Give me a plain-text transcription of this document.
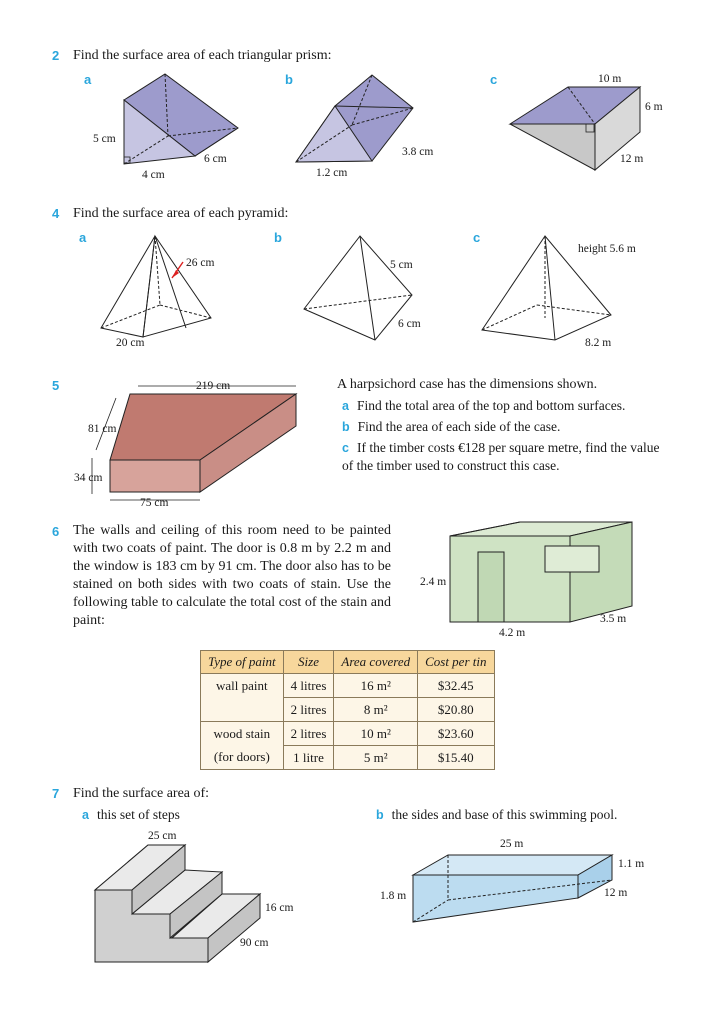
2 Find the surface area of each triangular prism:
a	b	c
5 cm
6 cm
4 cm
3.8 cm
1.2 cm
10 m
6 m
12 m
4 Find the surface area of each pyramid:
a	b	c
26 cm
20 cm
5 cm
6 cm
height 5.6 m
8.2 m
5	219 cm
81 cm
34 cm
75 cm
A harpsichord case has the dimensions shown.
a Find the total area of the top and bottom surfaces.
b Find the area of each side of the case.
c If the timber costs €128 per square metre, find the value of the timber used to construct this case.
6 The walls and ceiling of this room need to be painted with two coats of paint. The door is 0.8 m by 2.2 m and the window is 183 cm by 91 cm. The door also has to be stained on both sides with two coats of stain. Use the following table to calculate the total cost of the stain and paint:
2.4 m
4.2 m
3.5 m
Type of paint	Size	Area covered	Cost per tin
wall paint	4 litres	16 m²	$32.45
	2 litres	8 m²	$20.80
wood stain	2 litres	10 m²	$23.60
(for doors)	1 litre	5 m²	$15.40
7 Find the surface area of:
a this set of steps	b the sides and base of this swimming pool.
25 cm
16 cm
90 cm
25 m
1.1 m
1.8 m	12 m
